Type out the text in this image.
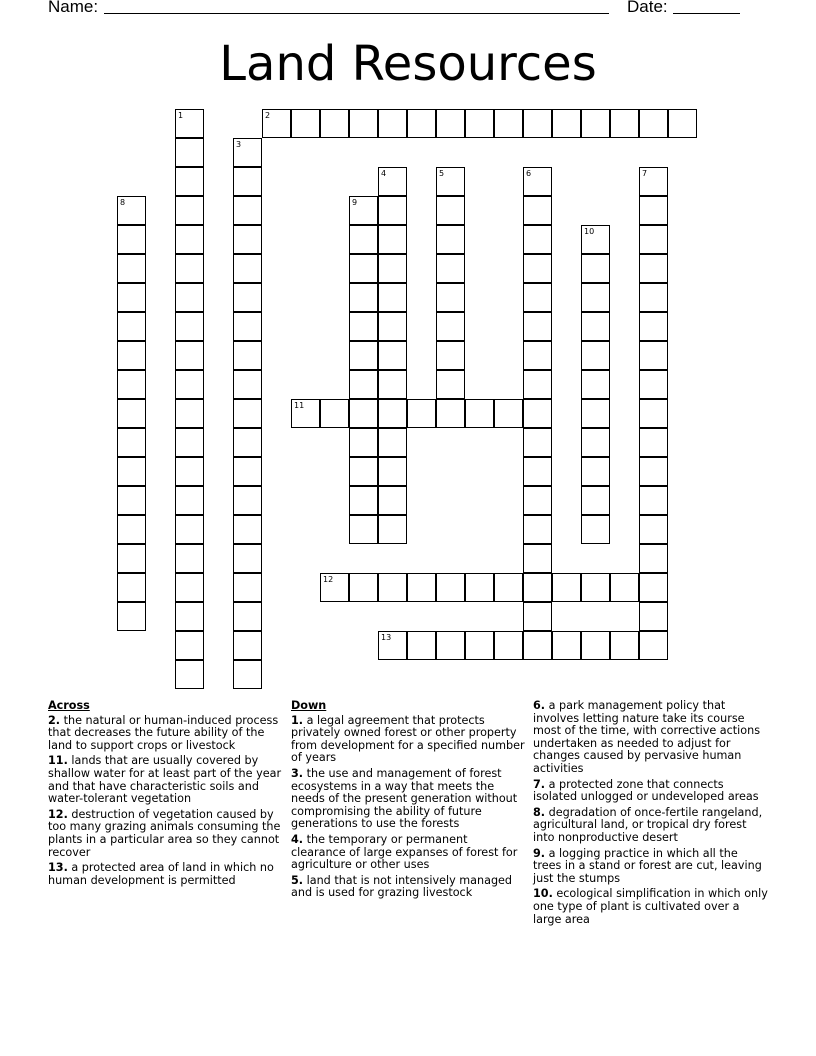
Name:	Date:
Land Resources
1	2
3
4	5	6	7
8	9
10
11
12
13
Across
2. the natural or human-induced process that decreases the future ability of the land to support crops or livestock
11. lands that are usually covered by shallow water for at least part of the year and that have characteristic soils and water-tolerant vegetation
12. destruction of vegetation caused by too many grazing animals consuming the plants in a particular area so they cannot recover
13. a protected area of land in which no human development is permitted
Down
1. a legal agreement that protects privately owned forest or other property from development for a specified number of years
3. the use and management of forest ecosystems in a way that meets the needs of the present generation without compromising the ability of future generations to use the forests
4. the temporary or permanent clearance of large expanses of forest for agriculture or other uses
5. land that is not intensively managed and is used for grazing livestock
6. a park management policy that involves letting nature take its course most of the time, with corrective actions undertaken as needed to adjust for changes caused by pervasive human activities
7. a protected zone that connects isolated unlogged or undeveloped areas
8. degradation of once-fertile rangeland, agricultural land, or tropical dry forest into nonproductive desert
9. a logging practice in which all the trees in a stand or forest are cut, leaving just the stumps
10. ecological simplification in which only one type of plant is cultivated over a large area
